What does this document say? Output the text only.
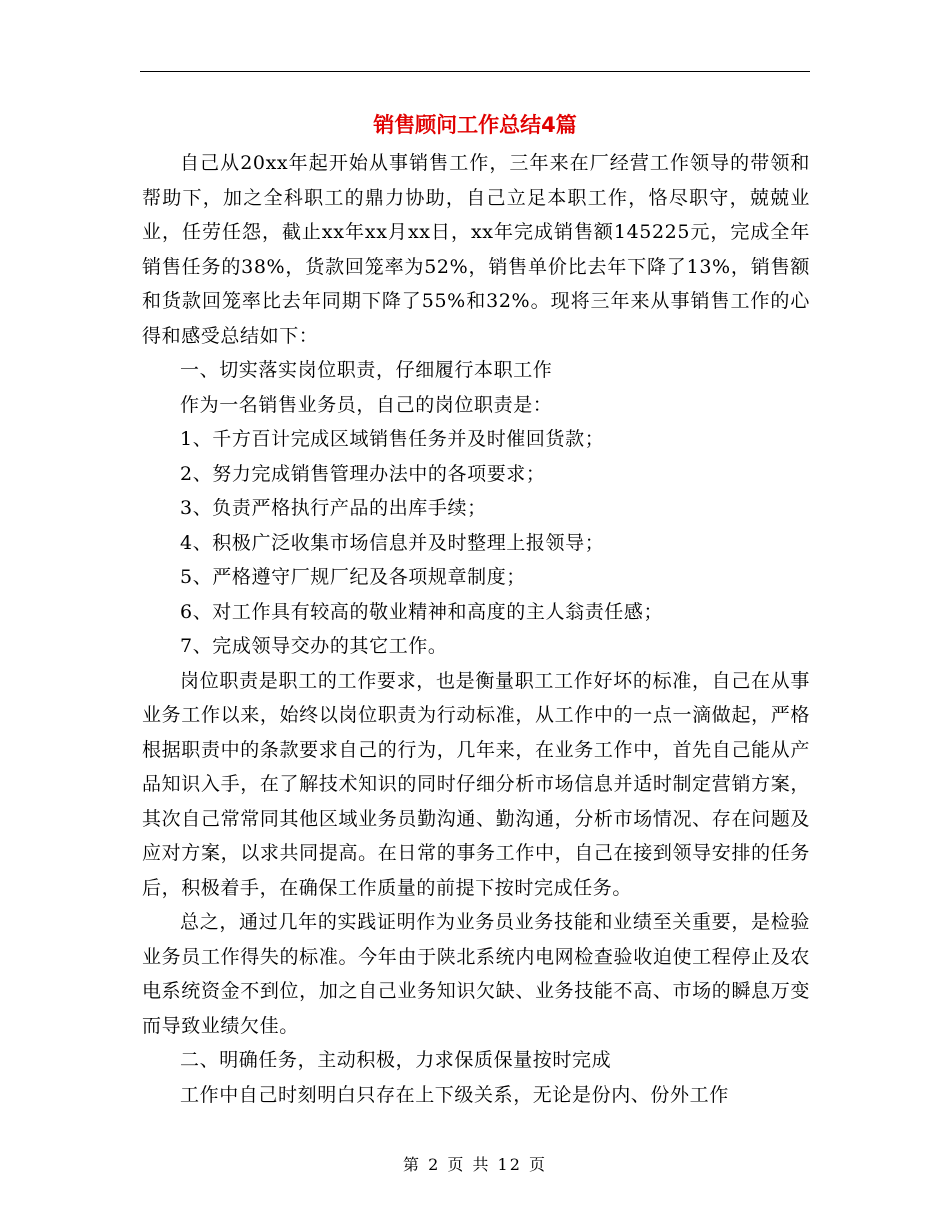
销售顾问工作总结4篇

自己从20xx年起开始从事销售工作，三年来在厂经营工作领导的带领和帮助下，加之全科职工的鼎力协助，自己立足本职工作，恪尽职守，兢兢业业，任劳任怨，截止xx年xx月xx日，xx年完成销售额145225元，完成全年销售任务的38%，货款回笼率为52%，销售单价比去年下降了13%，销售额和货款回笼率比去年同期下降了55%和32%。现将三年来从事销售工作的心得和感受总结如下：

一、切实落实岗位职责，仔细履行本职工作

作为一名销售业务员，自己的岗位职责是：

1、千方百计完成区域销售任务并及时催回货款；

2、努力完成销售管理办法中的各项要求；

3、负责严格执行产品的出库手续；

4、积极广泛收集市场信息并及时整理上报领导；

5、严格遵守厂规厂纪及各项规章制度；

6、对工作具有较高的敬业精神和高度的主人翁责任感；

7、完成领导交办的其它工作。

岗位职责是职工的工作要求，也是衡量职工工作好坏的标准，自己在从事业务工作以来，始终以岗位职责为行动标准，从工作中的一点一滴做起，严格根据职责中的条款要求自己的行为，几年来，在业务工作中，首先自己能从产品知识入手，在了解技术知识的同时仔细分析市场信息并适时制定营销方案，其次自己常常同其他区域业务员勤沟通、勤沟通，分析市场情况、存在问题及应对方案，以求共同提高。在日常的事务工作中，自己在接到领导安排的任务后，积极着手，在确保工作质量的前提下按时完成任务。

总之，通过几年的实践证明作为业务员业务技能和业绩至关重要，是检验业务员工作得失的标准。今年由于陕北系统内电网检查验收迫使工程停止及农电系统资金不到位，加之自己业务知识欠缺、业务技能不高、市场的瞬息万变而导致业绩欠佳。

二、明确任务，主动积极，力求保质保量按时完成

工作中自己时刻明白只存在上下级关系，无论是份内、份外工作

第 2 页 共 12 页
